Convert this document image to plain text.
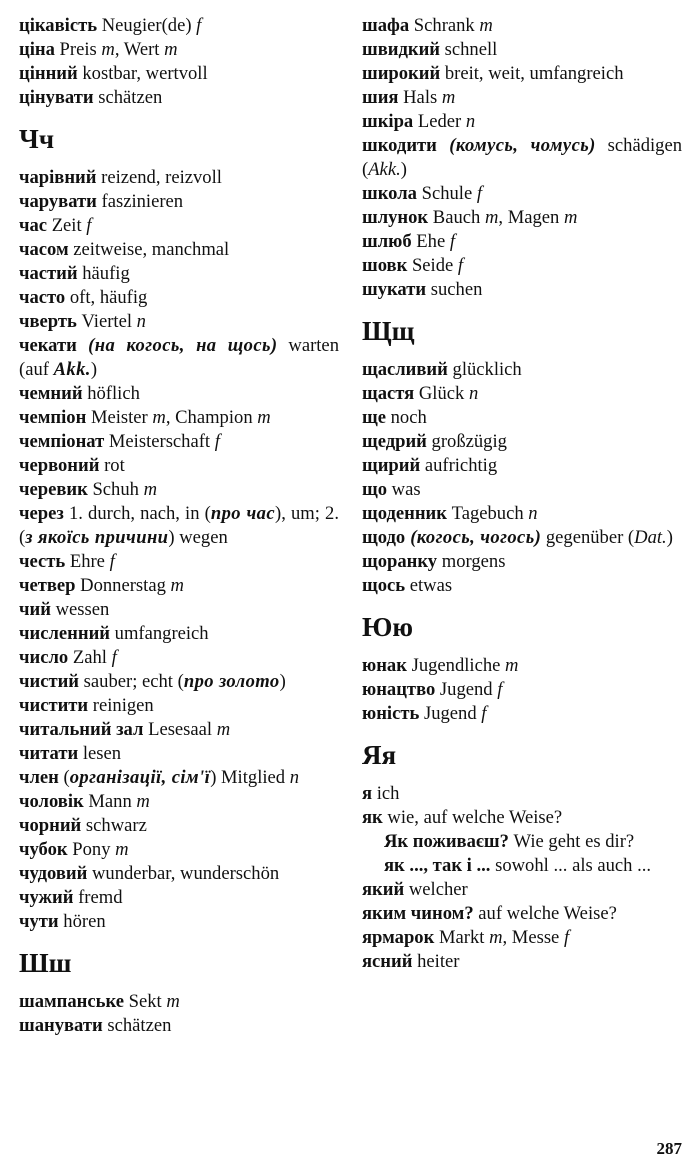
цікавість Neugier(de) f
ціна Preis m, Wert m
цінний kostbar, wertvoll
цінувати schätzen
Чч
чарівний reizend, reizvoll
чарувати faszinieren
час Zeit f
часом zeitweise, manchmal
частий häufig
часто oft, häufig
чверть Viertel n
чекати (на когось, на щось) warten (auf Akk.)
чемний höflich
чемпіон Meister m, Champion m
чемпіонат Meisterschaft f
червоний rot
черевик Schuh m
через 1. durch, nach, in (про час), um; 2. (з якоїсь причини) wegen
честь Ehre f
четвер Donnerstag m
чий wessen
численний umfangreich
число Zahl f
чистий sauber; echt (про золото)
чистити reinigen
читальний зал Lesesaal m
читати lesen
член (організації, сім'ї) Mitglied n
чоловік Mann m
чорний schwarz
чубок Pony m
чудовий wunderbar, wunderschön
чужий fremd
чути hören
Шш
шампанське Sekt m
шанувати schätzen
шафа Schrank m
швидкий schnell
широкий breit, weit, umfangreich
шия Hals m
шкіра Leder n
шкодити (комусь, чомусь) schädigen (Akk.)
школа Schule f
шлунок Bauch m, Magen m
шлюб Ehe f
шовк Seide f
шукати suchen
Щщ
щасливий glücklich
щастя Glück n
ще noch
щедрий großzügig
щирий aufrichtig
що was
щоденник Tagebuch n
щодо (когось, чогось) gegenüber (Dat.)
щоранку morgens
щось etwas
Юю
юнак Jugendliche m
юнацтво Jugend f
юність Jugend f
Яя
я ich
як wie, auf welche Weise?
Як поживаєш? Wie geht es dir?
як ..., так і ... sowohl ... als auch ...
який welcher
яким чином? auf welche Weise?
ярмарок Markt m, Messe f
ясний heiter
287
